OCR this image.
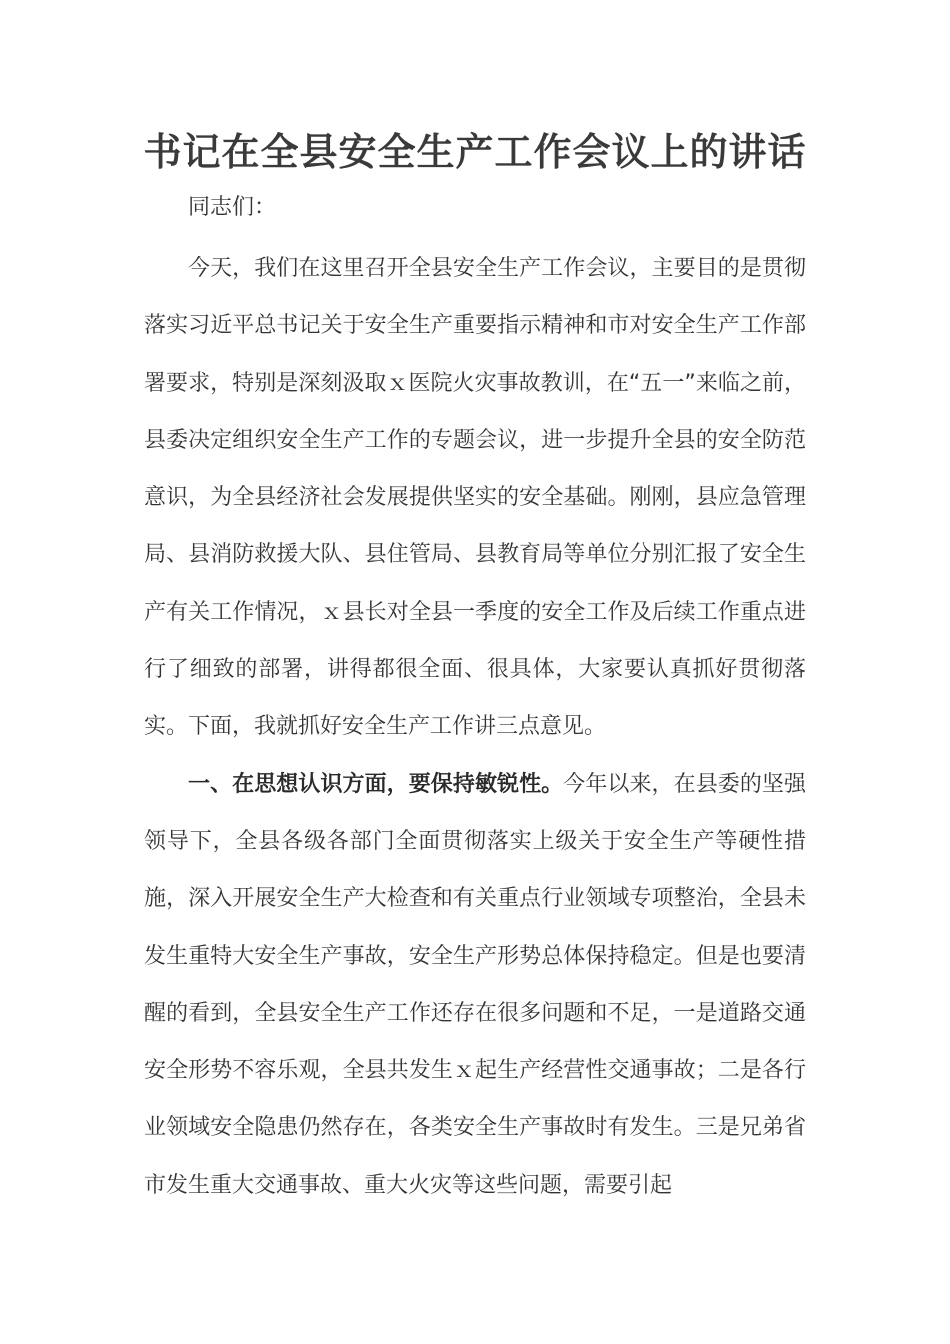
书记在全县安全生产工作会议上的讲话

同志们：

今天，我们在这里召开全县安全生产工作会议，主要目的是贯彻落实习近平总书记关于安全生产重要指示精神和市对安全生产工作部署要求，特别是深刻汲取ｘ医院火灾事故教训，在“五一”来临之前，县委决定组织安全生产工作的专题会议，进一步提升全县的安全防范意识，为全县经济社会发展提供坚实的安全基础。刚刚，县应急管理局、县消防救援大队、县住管局、县教育局等单位分别汇报了安全生产有关工作情况，ｘ县长对全县一季度的安全工作及后续工作重点进行了细致的部署，讲得都很全面、很具体，大家要认真抓好贯彻落实。下面，我就抓好安全生产工作讲三点意见。

一、在思想认识方面，要保持敏锐性。今年以来，在县委的坚强领导下，全县各级各部门全面贯彻落实上级关于安全生产等硬性措施，深入开展安全生产大检查和有关重点行业领域专项整治，全县未发生重特大安全生产事故，安全生产形势总体保持稳定。但是也要清醒的看到，全县安全生产工作还存在很多问题和不足，一是道路交通安全形势不容乐观，全县共发生ｘ起生产经营性交通事故；二是各行业领域安全隐患仍然存在，各类安全生产事故时有发生。三是兄弟省市发生重大交通事故、重大火灾等这些问题，需要引起
